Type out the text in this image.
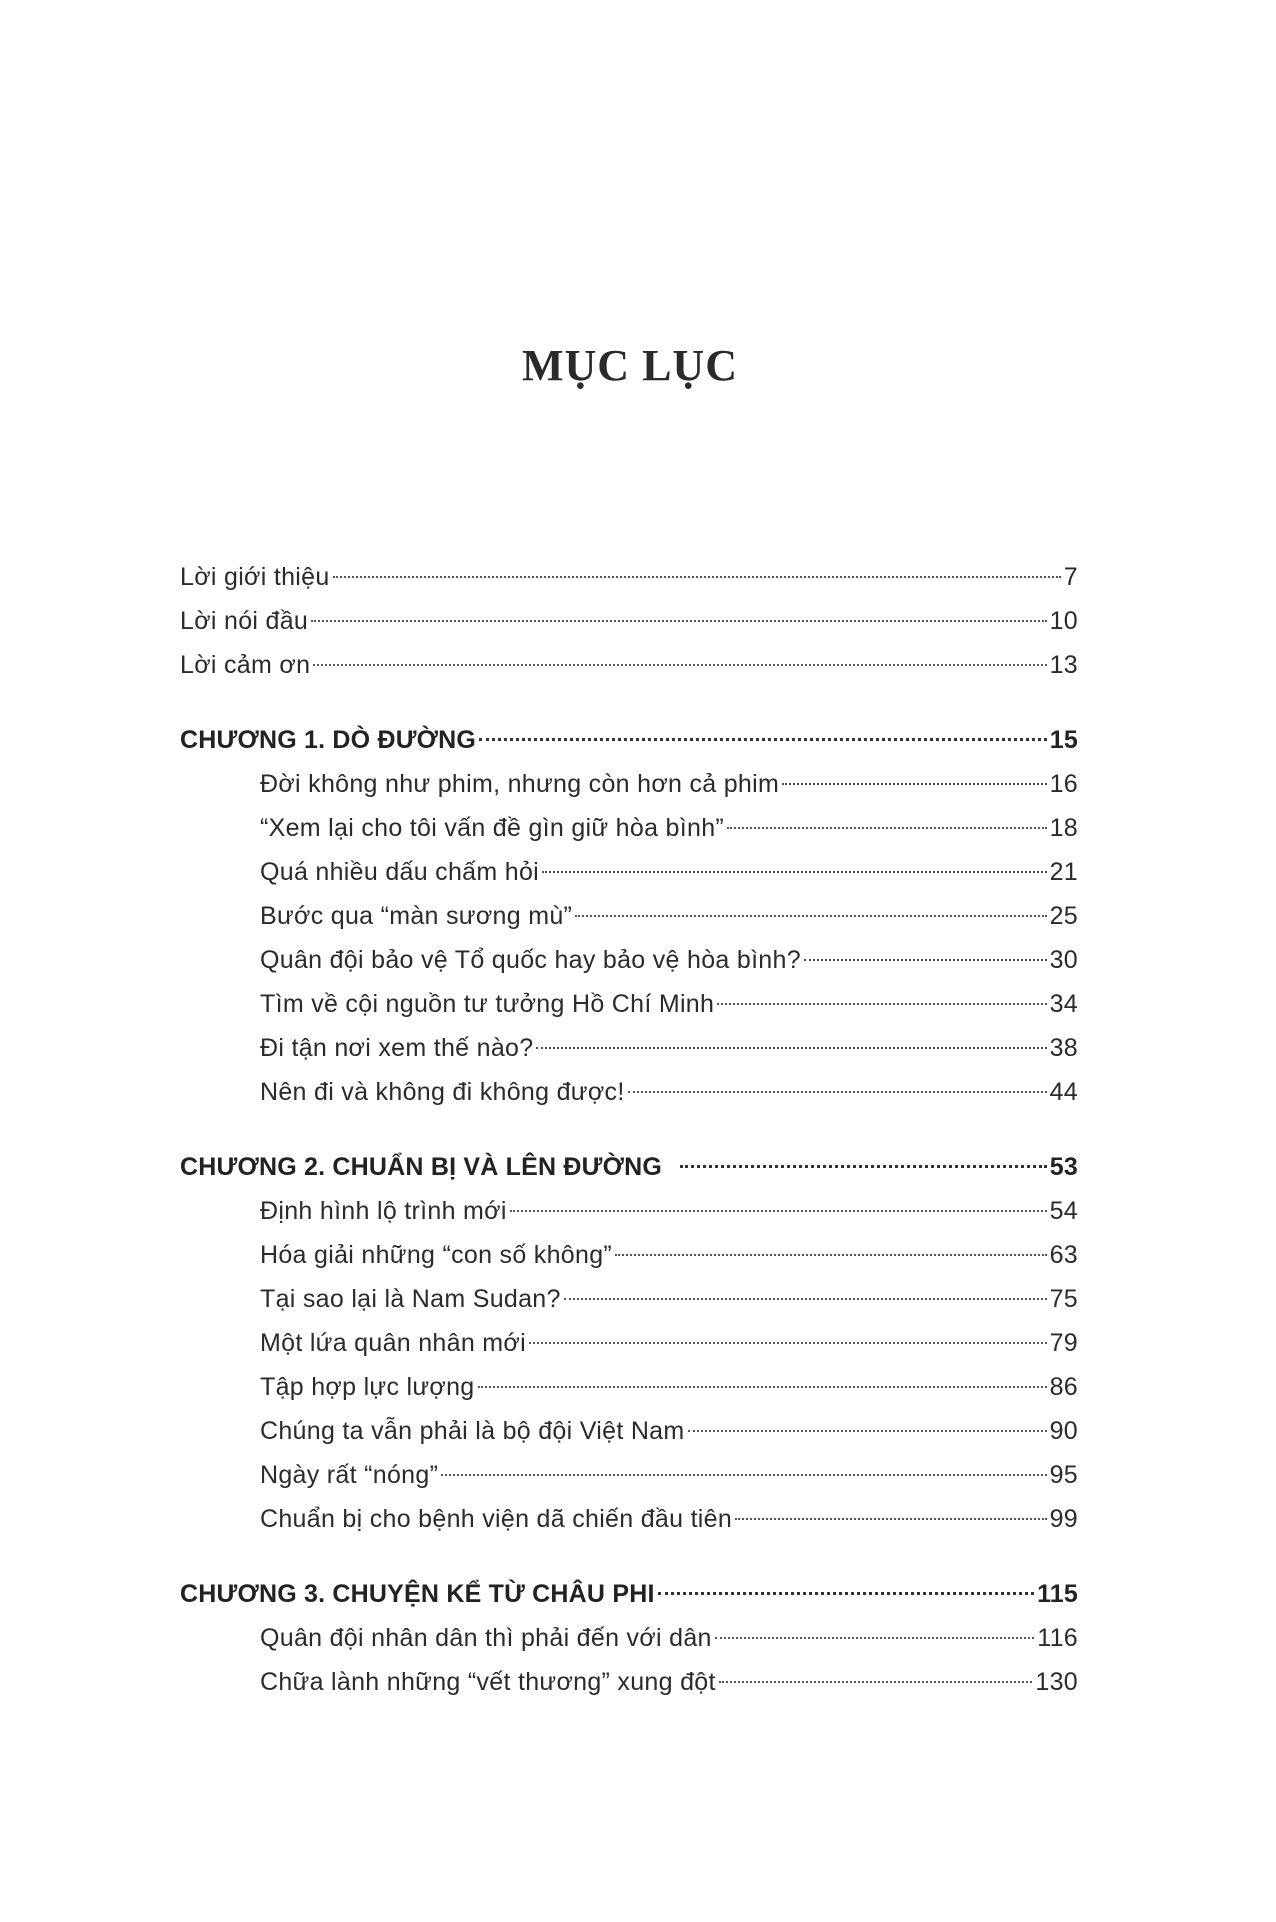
MỤC LỤC
Lời giới thiệu	7
Lời nói đầu	10
Lời cảm ơn	13
CHƯƠNG 1. DÒ ĐƯỜNG	15
Đời không như phim, nhưng còn hơn cả phim	16
“Xem lại cho tôi vấn đề gìn giữ hòa bình”	18
Quá nhiều dấu chấm hỏi	21
Bước qua “màn sương mù”	25
Quân đội bảo vệ Tổ quốc hay bảo vệ hòa bình?	30
Tìm về cội nguồn tư tưởng Hồ Chí Minh	34
Đi tận nơi xem thế nào?	38
Nên đi và không đi không được!	44
CHƯƠNG 2. CHUẨN BỊ VÀ LÊN ĐƯỜNG	53
Định hình lộ trình mới	54
Hóa giải những “con số không”	63
Tại sao lại là Nam Sudan?	75
Một lứa quân nhân mới	79
Tập hợp lực lượng	86
Chúng ta vẫn phải là bộ đội Việt Nam	90
Ngày rất “nóng”	95
Chuẩn bị cho bệnh viện dã chiến đầu tiên	99
CHƯƠNG 3. CHUYỆN KỂ TỪ CHÂU PHI	115
Quân đội nhân dân thì phải đến với dân	116
Chữa lành những “vết thương” xung đột	130
